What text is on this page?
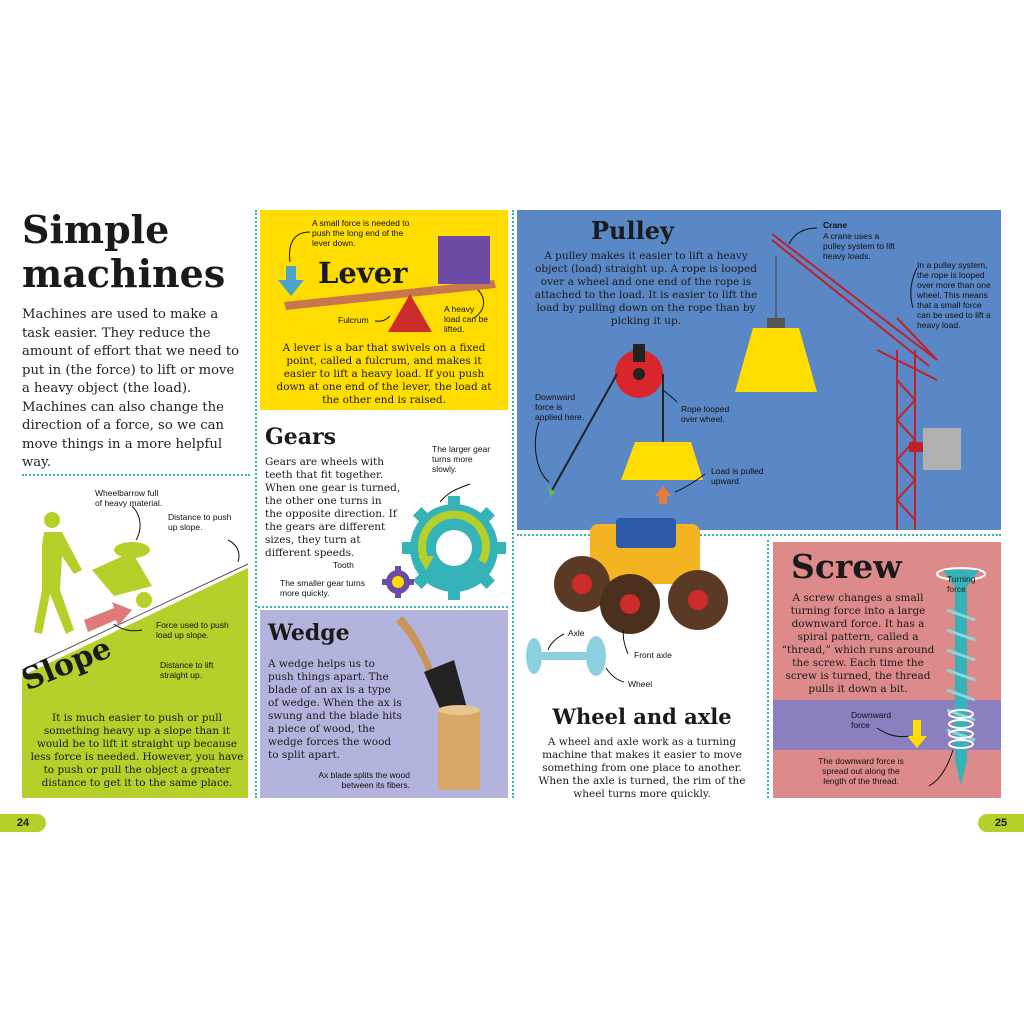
Simple
machines
Machines are used to make a task easier. They reduce the amount of effort that we need to put in (the force) to lift or move a heavy object (the load). Machines can also change the direction of a force, so we can move things in a more helpful way.
A small force is needed to push the long end of the lever down.
Lever
Fulcrum
A heavy load can be lifted.
A lever is a bar that swivels on a fixed point, called a fulcrum, and makes it easier to lift a heavy load. If you push down at one end of the lever, the load at the other end is raised.
Gears
Gears are wheels with teeth that fit together. When one gear is turned, the other one turns in the opposite direction. If the gears are different sizes, they turn at different speeds.
The larger gear turns more slowly.
Tooth
The smaller gear turns more quickly.
Wheelbarrow full of heavy material.
Distance to push up slope.
Force used to push load up slope.
Distance to lift straight up.
Slope
It is much easier to push or pull something heavy up a slope than it would be to lift it straight up because less force is needed. However, you have to push or pull the object a greater distance to get it to the same place.
Wedge
A wedge helps us to push things apart. The blade of an ax is a type of wedge. When the ax is swung and the blade hits a piece of wood, the wedge forces the wood to split apart.
Ax blade splits the wood between its fibers.
24
Pulley
A pulley makes it easier to lift a heavy object (load) straight up. A rope is looped over a wheel and one end of the rope is attached to the load. It is easier to lift the load by pulling down on the rope than by picking it up.
Crane
A crane uses a pulley system to lift heavy loads.
In a pulley system, the rope is looped over more than one wheel. This means that a small force can be used to lift a heavy load.
Downward force is applied here.
Rope looped over wheel.
Load is pulled upward.
Axle
Front axle
Wheel
Wheel and axle
A wheel and axle work as a turning machine that makes it easier to move something from one place to another. When the axle is turned, the rim of the wheel turns more quickly.
Screw	Turning force
A screw changes a small turning force into a large downward force. It has a spiral pattern, called a “thread,” which runs around the screw. Each time the screw is turned, the thread pulls it down a bit.
Downward force
The downward force is spread out along the length of the thread.
25
